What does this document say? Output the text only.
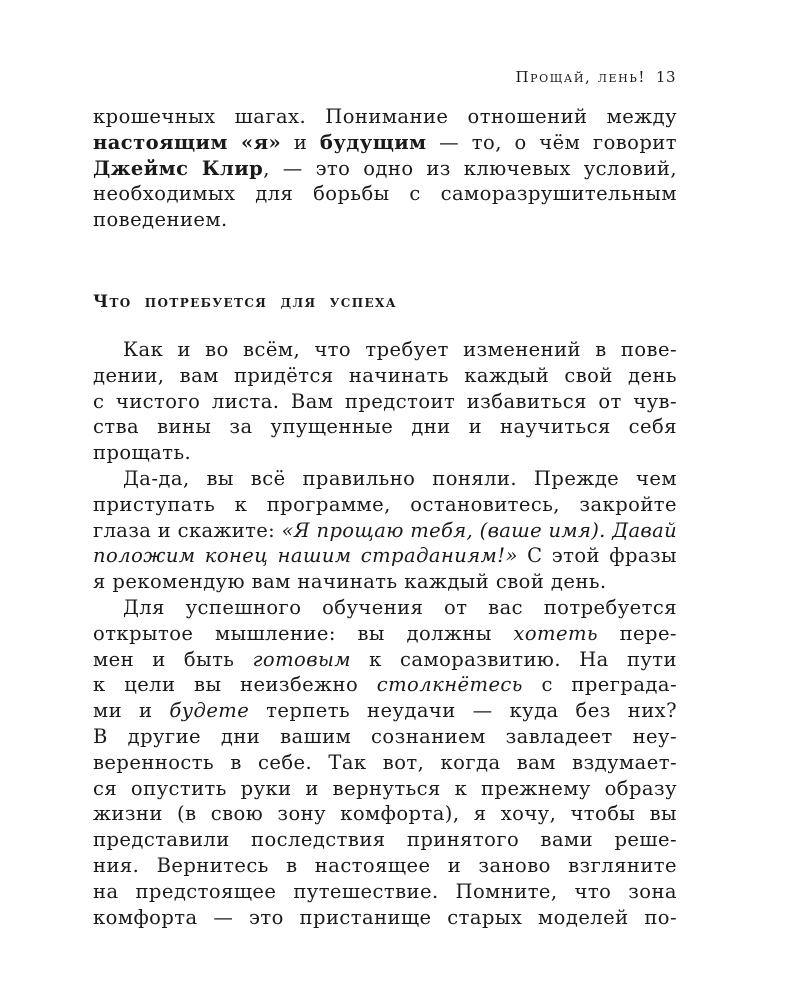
Прощай, лень! 13
крошечных шагах. Понимание отношений между
настоящим «я» и будущим — то, о чём говорит
Джеймс Клир, — это одно из ключевых условий,
необходимых для борьбы с саморазрушительным
поведением.
Что потребуется для успеха
Как и во всём, что требует изменений в пове-
дении, вам придётся начинать каждый свой день
с чистого листа. Вам предстоит избавиться от чув-
ства вины за упущенные дни и научиться себя
прощать.
Да-да, вы всё правильно поняли. Прежде чем
приступать к программе, остановитесь, закройте
глаза и скажите: «Я прощаю тебя, (ваше имя). Давай
положим конец нашим страданиям!» С этой фразы
я рекомендую вам начинать каждый свой день.
Для успешного обучения от вас потребуется
открытое мышление: вы должны хотеть пере-
мен и быть готовым к саморазвитию. На пути
к цели вы неизбежно столкнётесь с преграда-
ми и будете терпеть неудачи — куда без них?
В другие дни вашим сознанием завладеет неу-
веренность в себе. Так вот, когда вам вздумает-
ся опустить руки и вернуться к прежнему образу
жизни (в свою зону комфорта), я хочу, чтобы вы
представили последствия принятого вами реше-
ния. Вернитесь в настоящее и заново взгляните
на предстоящее путешествие. Помните, что зона
комфорта — это пристанище старых моделей по-
